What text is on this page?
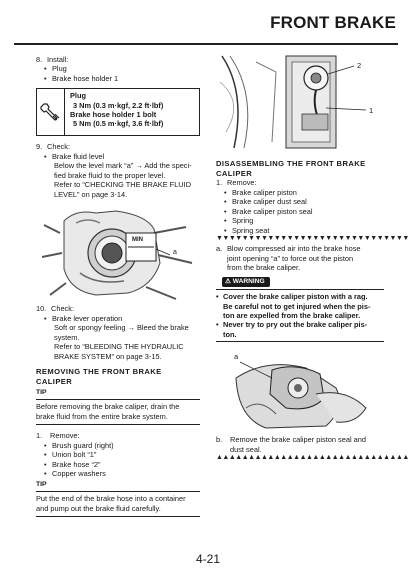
FRONT BRAKE
8. Install:
• Plug
• Brake hose holder 1
Plug
3 Nm (0.3 m·kgf, 2.2 ft·lbf)
Brake hose holder 1 bolt
5 Nm (0.5 m·kgf, 3.6 ft·lbf)
9. Check:
• Brake fluid level
Below the level mark “a” → Add the speci-
fied brake fluid to the proper level.
Refer to “CHECKING THE BRAKE FLUID
LEVEL” on page 3-14.
MIN
a
10. Check:
• Brake lever operation
Soft or spongy feeling → Bleed the brake
system.
Refer to “BLEEDING THE HYDRAULIC
BRAKE SYSTEM” on page 3-15.
REMOVING THE FRONT BRAKE CALIPER
TIP
Before removing the brake caliper, drain the
brake fluid from the entire brake system.
1. Remove:
• Brush guard (right)
• Union bolt “1”
• Brake hose “2”
• Copper washers
TIP
Put the end of the brake hose into a container
and pump out the brake fluid carefully.
2
1
DISASSEMBLING THE FRONT BRAKE
CALIPER
1. Remove:
• Brake caliper piston
• Brake caliper dust seal
• Brake caliper piston seal
• Spring
• Spring seat
▼▼▼▼▼▼▼▼▼▼▼▼▼▼▼▼▼▼▼▼▼▼▼▼▼▼▼▼▼▼
a. Blow compressed air into the brake hose
joint opening “a” to force out the piston
from the brake caliper.
⚠ WARNING
• Cover the brake caliper piston with a rag.
Be careful not to get injured when the pis-
ton are expelled from the brake caliper.
• Never try to pry out the brake caliper pis-
ton.
a
b.	Remove the brake caliper piston seal and
dust seal.
▲▲▲▲▲▲▲▲▲▲▲▲▲▲▲▲▲▲▲▲▲▲▲▲▲▲▲▲▲▲
4-21
